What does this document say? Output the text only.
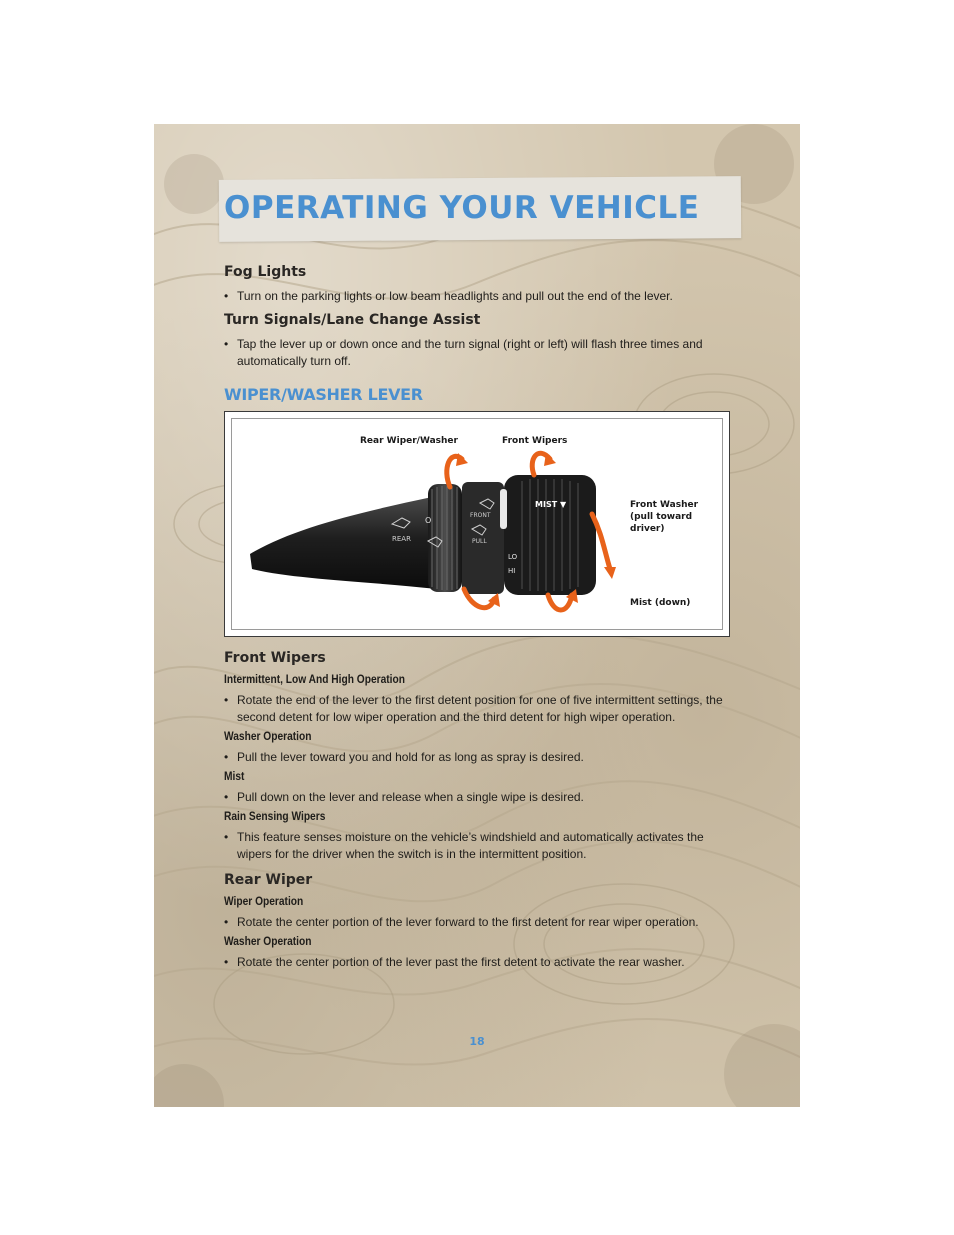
OPERATING YOUR VEHICLE
Fog Lights

• Turn on the parking lights or low beam headlights and pull out the end of the lever.

Turn Signals/Lane Change Assist

• Tap the lever up or down once and the turn signal (right or left) will flash three times and automatically turn off.

WIPER/WASHER LEVER
MIST ▼
FRONT
REAR	PULL
LO
HI
O
Rear Wiper/Washer	Front Wipers
Front Washer (pull toward driver)
Mist (down)
Front Wipers

Intermittent, Low And High Operation

• Rotate the end of the lever to the first detent position for one of five intermittent settings, the second detent for low wiper operation and the third detent for high wiper operation.

Washer Operation

• Pull the lever toward you and hold for as long as spray is desired.

Mist

• Pull down on the lever and release when a single wipe is desired.

Rain Sensing Wipers

• This feature senses moisture on the vehicle’s windshield and automatically activates the wipers for the driver when the switch is in the intermittent position.

Rear Wiper

Wiper Operation

• Rotate the center portion of the lever forward to the first detent for rear wiper operation.

Washer Operation

• Rotate the center portion of the lever past the first detent to activate the rear washer.

18
